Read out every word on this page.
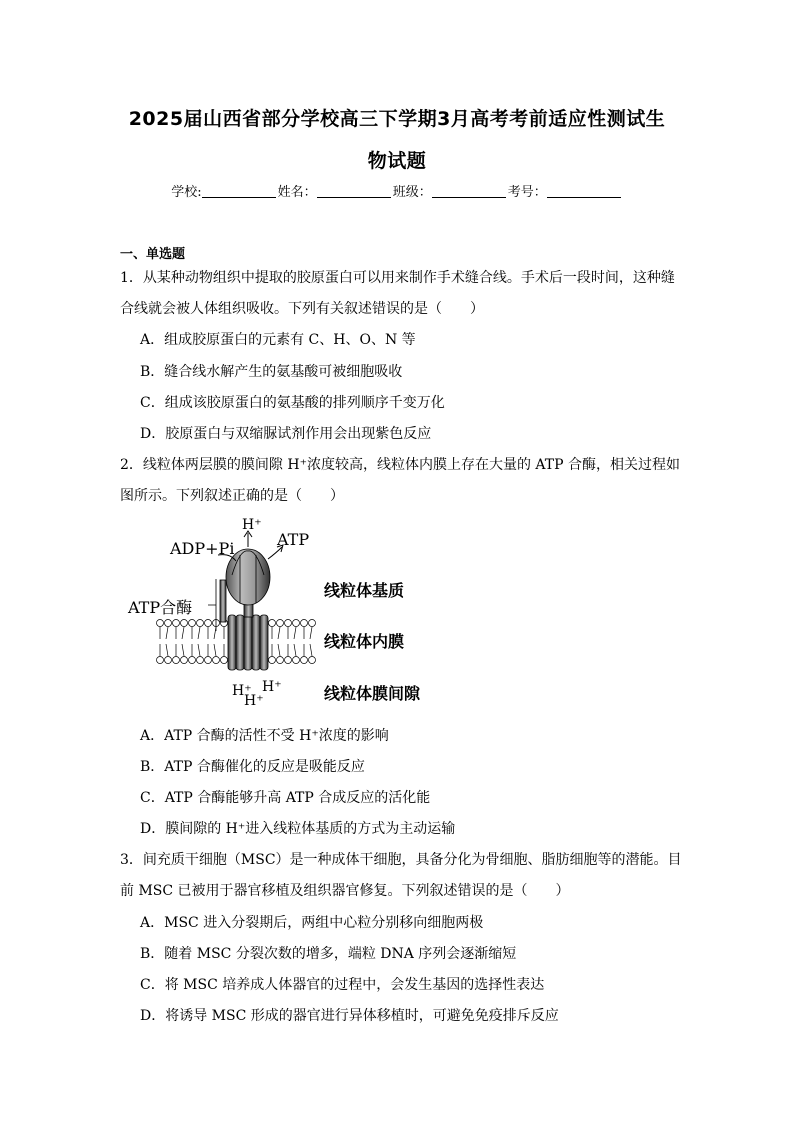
2025届山西省部分学校高三下学期3月高考考前适应性测试生
物试题
学校:	姓名：	班级：	考号：
一、单选题
1．从某种动物组织中提取的胶原蛋白可以用来制作手术缝合线。手术后一段时间，这种缝
合线就会被人体组织吸收。下列有关叙述错误的是（　　）
A．组成胶原蛋白的元素有 C、H、O、N 等
B．缝合线水解产生的氨基酸可被细胞吸收
C．组成该胶原蛋白的氨基酸的排列顺序千变万化
D．胶原蛋白与双缩脲试剂作用会出现紫色反应
2．线粒体两层膜的膜间隙 H⁺浓度较高，线粒体内膜上存在大量的 ATP 合酶，相关过程如
图所示。下列叙述正确的是（　　）
H⁺
ADP+Pi	ATP
ATP合酶
线粒体基质
线粒体内膜
线粒体膜间隙
H⁺ H⁺
H⁺
A．ATP 合酶的活性不受 H⁺浓度的影响
B．ATP 合酶催化的反应是吸能反应
C．ATP 合酶能够升高 ATP 合成反应的活化能
D．膜间隙的 H⁺进入线粒体基质的方式为主动运输
3．间充质干细胞（MSC）是一种成体干细胞，具备分化为骨细胞、脂肪细胞等的潜能。目
前 MSC 已被用于器官移植及组织器官修复。下列叙述错误的是（　　）
A．MSC 进入分裂期后，两组中心粒分别移向细胞两极
B．随着 MSC 分裂次数的增多，端粒 DNA 序列会逐渐缩短
C．将 MSC 培养成人体器官的过程中，会发生基因的选择性表达
D．将诱导 MSC 形成的器官进行异体移植时，可避免免疫排斥反应
